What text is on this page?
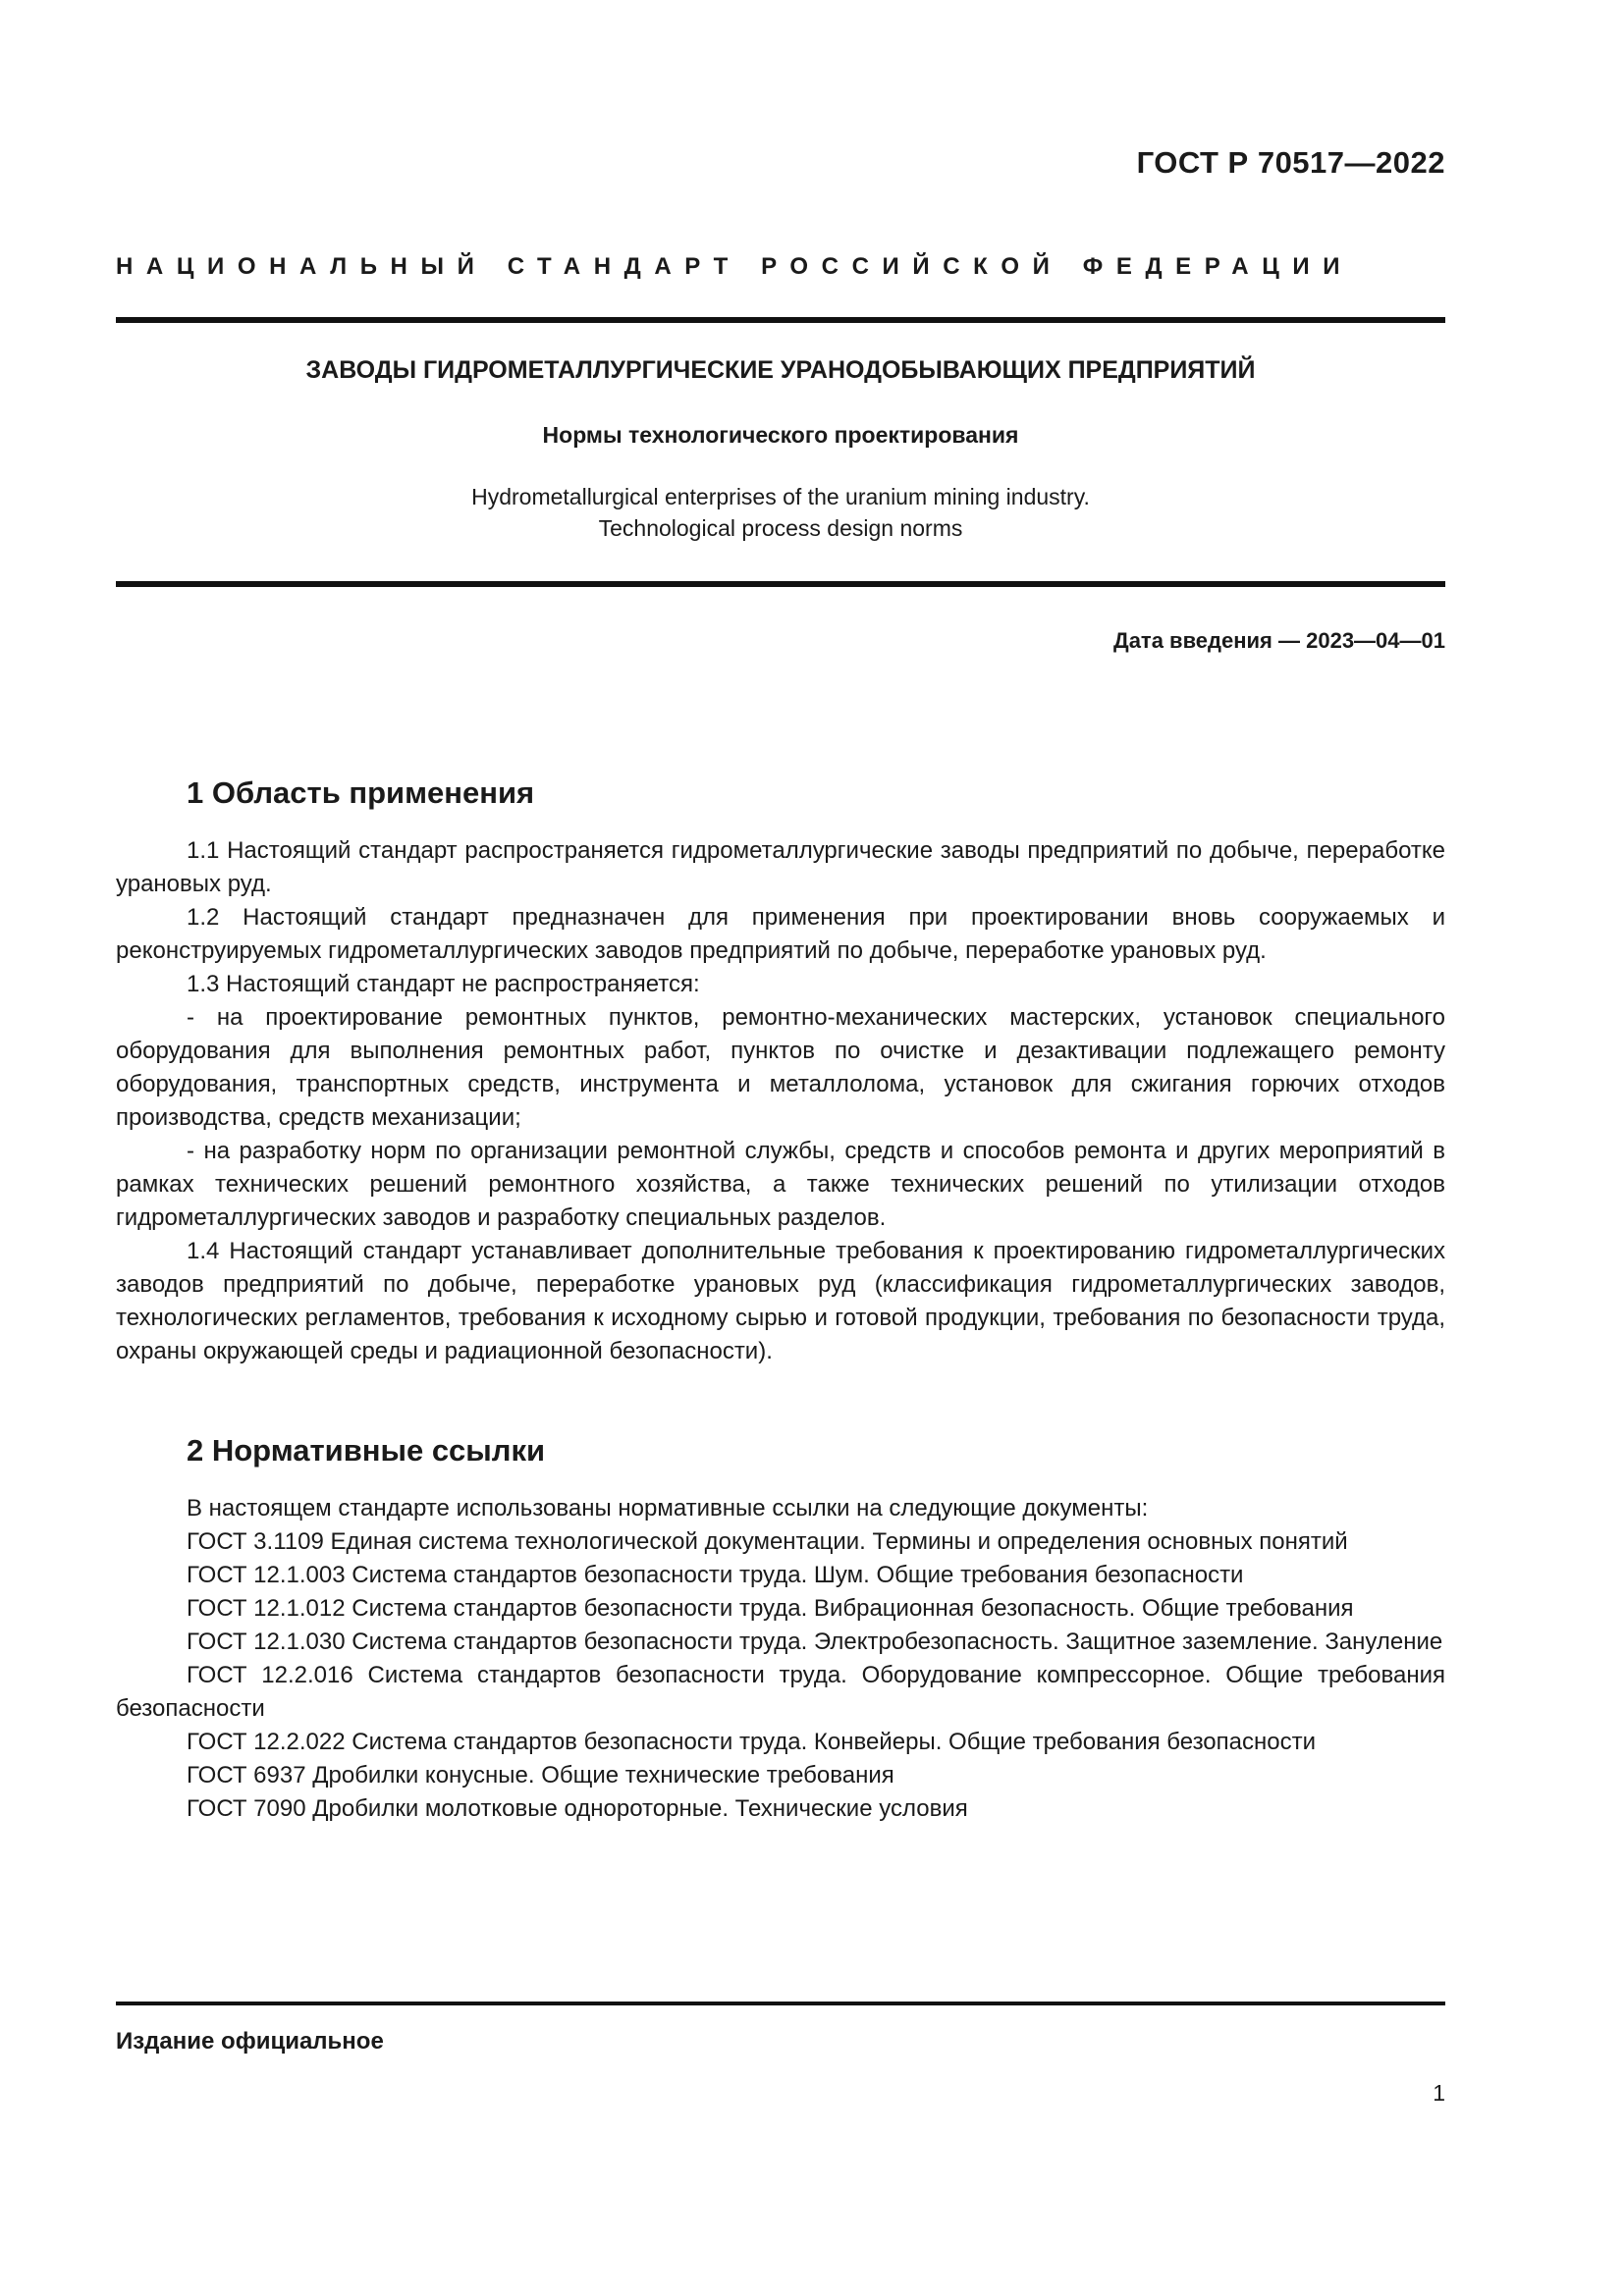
ГОСТ Р 70517—2022
НАЦИОНАЛЬНЫЙ СТАНДАРТ РОССИЙСКОЙ ФЕДЕРАЦИИ
ЗАВОДЫ ГИДРОМЕТАЛЛУРГИЧЕСКИЕ УРАНОДОБЫВАЮЩИХ ПРЕДПРИЯТИЙ
Нормы технологического проектирования
Hydrometallurgical enterprises of the uranium mining industry.
Technological process design norms
Дата введения — 2023—04—01
1 Область применения

1.1 Настоящий стандарт распространяется гидрометаллургические заводы предприятий по добыче, переработке урановых руд.

1.2 Настоящий стандарт предназначен для применения при проектировании вновь сооружаемых и реконструируемых гидрометаллургических заводов предприятий по добыче, переработке урановых руд.

1.3 Настоящий стандарт не распространяется:

- на проектирование ремонтных пунктов, ремонтно-механических мастерских, установок специального оборудования для выполнения ремонтных работ, пунктов по очистке и дезактивации подлежащего ремонту оборудования, транспортных средств, инструмента и металлолома, установок для сжигания горючих отходов производства, средств механизации;

- на разработку норм по организации ремонтной службы, средств и способов ремонта и других мероприятий в рамках технических решений ремонтного хозяйства, а также технических решений по утилизации отходов гидрометаллургических заводов и разработку специальных разделов.

1.4 Настоящий стандарт устанавливает дополнительные требования к проектированию гидрометаллургических заводов предприятий по добыче, переработке урановых руд (классификация гидрометаллургических заводов, технологических регламентов, требования к исходному сырью и готовой продукции, требования по безопасности труда, охраны окружающей среды и радиационной безопасности).

2 Нормативные ссылки

В настоящем стандарте использованы нормативные ссылки на следующие документы:

ГОСТ 3.1109 Единая система технологической документации. Термины и определения основных понятий

ГОСТ 12.1.003 Система стандартов безопасности труда. Шум. Общие требования безопасности

ГОСТ 12.1.012 Система стандартов безопасности труда. Вибрационная безопасность. Общие требования

ГОСТ 12.1.030 Система стандартов безопасности труда. Электробезопасность. Защитное заземление. Зануление

ГОСТ 12.2.016 Система стандартов безопасности труда. Оборудование компрессорное. Общие требования безопасности

ГОСТ 12.2.022 Система стандартов безопасности труда. Конвейеры. Общие требования безопасности

ГОСТ 6937 Дробилки конусные. Общие технические требования

ГОСТ 7090 Дробилки молотковые однороторные. Технические условия

Издание официальное
1
